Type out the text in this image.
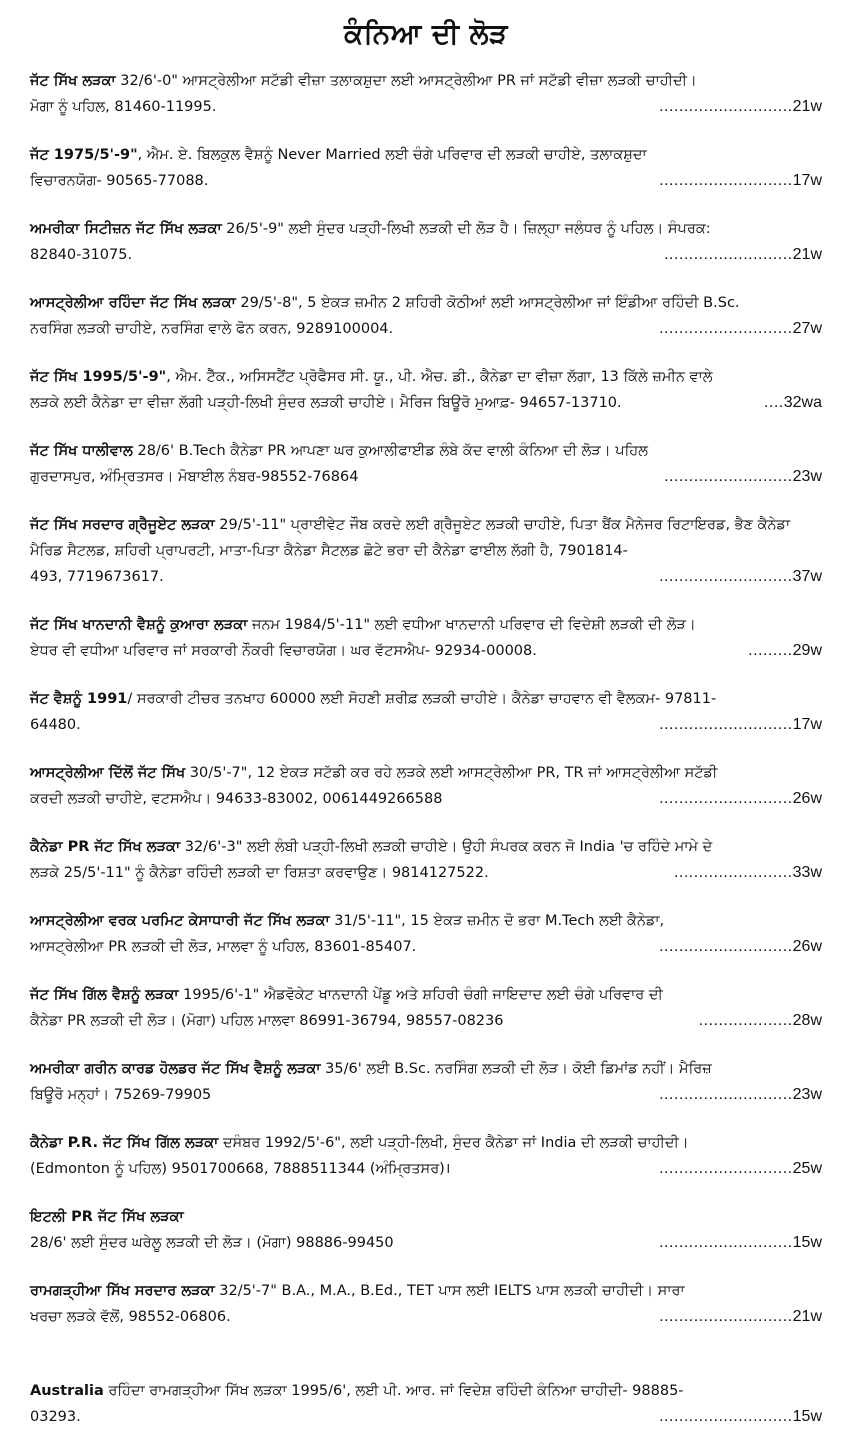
ਕੰਨਿਆ ਦੀ ਲੋੜ
ਜੱਟ ਸਿੱਖ ਲੜਕਾ 32/6'-0" ਆਸਟ੍ਰੇਲੀਆ ਸਟੱਡੀ ਵੀਜ਼ਾ ਤਲਾਕਸ਼ੁਦਾ ਲਈ ਆਸਟ੍ਰੇਲੀਆ PR ਜਾਂ ਸਟੱਡੀ ਵੀਜ਼ਾ ਲੜਕੀ ਚਾਹੀਦੀ।
ਮੋਗਾ ਨੂੰ ਪਹਿਲ, 81460-11995.	...........................21w
ਜੱਟ 1975/5'-9", ਐਮ. ਏ. ਬਿਲਕੁਲ ਵੈਸ਼ਨੂੰ Never Married ਲਈ ਚੰਗੇ ਪਰਿਵਾਰ ਦੀ ਲੜਕੀ ਚਾਹੀਏ, ਤਲਾਕਸ਼ੁਦਾ
ਵਿਚਾਰਨਯੋਗ- 90565-77088.	...........................17w
ਅਮਰੀਕਾ ਸਿਟੀਜ਼ਨ ਜੱਟ ਸਿੱਖ ਲੜਕਾ 26/5'-9" ਲਈ ਸੁੰਦਰ ਪੜ੍ਹੀ-ਲਿਖੀ ਲੜਕੀ ਦੀ ਲੋੜ ਹੈ। ਜ਼ਿਲ੍ਹਾ ਜਲੰਧਰ ਨੂੰ ਪਹਿਲ। ਸੰਪਰਕ:
82840-31075.	..........................21w
ਆਸਟ੍ਰੇਲੀਆ ਰਹਿੰਦਾ ਜੱਟ ਸਿੱਖ ਲੜਕਾ 29/5'-8", 5 ਏਕੜ ਜ਼ਮੀਨ 2 ਸ਼ਹਿਰੀ ਕੋਠੀਆਂ ਲਈ ਆਸਟ੍ਰੇਲੀਆ ਜਾਂ ਇੰਡੀਆ ਰਹਿੰਦੀ B.Sc.
ਨਰਸਿੰਗ ਲੜਕੀ ਚਾਹੀਏ, ਨਰਸਿੰਗ ਵਾਲੇ ਫੋਨ ਕਰਨ, 9289100004.	...........................27w
ਜੱਟ ਸਿੱਖ 1995/5'-9", ਐਮ. ਟੈੱਕ., ਅਸਿਸਟੈਂਟ ਪ੍ਰੋਫੈਸਰ ਸੀ. ਯੂ., ਪੀ. ਐਚ. ਡੀ., ਕੈਨੇਡਾ ਦਾ ਵੀਜ਼ਾ ਲੱਗਾ, 13 ਕਿੱਲੇ ਜ਼ਮੀਨ ਵਾਲੇ
ਲੜਕੇ ਲਈ ਕੈਨੇਡਾ ਦਾ ਵੀਜ਼ਾ ਲੱਗੀ ਪੜ੍ਹੀ-ਲਿਖੀ ਸੁੰਦਰ ਲੜਕੀ ਚਾਹੀਏ। ਮੈਰਿਜ ਬਿਊਰੋ ਮੁਆਫ਼- 94657-13710.	....32wa
ਜੱਟ ਸਿੱਖ ਧਾਲੀਵਾਲ 28/6' B.Tech ਕੈਨੇਡਾ PR ਆਪਣਾ ਘਰ ਕੁਆਲੀਫਾਈਡ ਲੰਬੇ ਕੱਦ ਵਾਲੀ ਕੰਨਿਆ ਦੀ ਲੋੜ। ਪਹਿਲ
ਗੁਰਦਾਸਪੁਰ, ਅੰਮ੍ਰਿਤਸਰ। ਮੋਬਾਈਲ ਨੰਬਰ-98552-76864	..........................23w
ਜੱਟ ਸਿੱਖ ਸਰਦਾਰ ਗ੍ਰੈਜੂਏਟ ਲੜਕਾ 29/5'-11" ਪ੍ਰਾਈਵੇਟ ਜੌਬ ਕਰਦੇ ਲਈ ਗ੍ਰੈਜੂਏਟ ਲੜਕੀ ਚਾਹੀਏ, ਪਿਤਾ ਬੈਂਕ ਮੈਨੇਜਰ ਰਿਟਾਇਰਡ, ਭੈਣ ਕੈਨੇਡਾ ਮੈਰਿਡ ਸੈਟਲਡ, ਸ਼ਹਿਰੀ ਪ੍ਰਾਪਰਟੀ, ਮਾਤਾ-ਪਿਤਾ ਕੈਨੇਡਾ ਸੈਟਲਡ ਛੋਟੇ ਭਰਾ ਦੀ ਕੈਨੇਡਾ ਫਾਈਲ ਲੱਗੀ ਹੈ, 7901814-
493, 7719673617.	...........................37w
ਜੱਟ ਸਿੱਖ ਖਾਨਦਾਨੀ ਵੈਸ਼ਨੂੰ ਕੁਆਰਾ ਲੜਕਾ ਜਨਮ 1984/5'-11" ਲਈ ਵਧੀਆ ਖਾਨਦਾਨੀ ਪਰਿਵਾਰ ਦੀ ਵਿਦੇਸ਼ੀ ਲੜਕੀ ਦੀ ਲੋੜ।
ਏਧਰ ਵੀ ਵਧੀਆ ਪਰਿਵਾਰ ਜਾਂ ਸਰਕਾਰੀ ਨੌਕਰੀ ਵਿਚਾਰਯੋਗ। ਘਰ ਵੱਟਸਐਪ- 92934-00008.	.........29w
ਜੱਟ ਵੈਸ਼ਨੂੰ 1991/ ਸਰਕਾਰੀ ਟੀਚਰ ਤਨਖਾਹ 60000 ਲਈ ਸੋਹਣੀ ਸ਼ਰੀਫ਼ ਲੜਕੀ ਚਾਹੀਏ। ਕੈਨੇਡਾ ਚਾਹਵਾਨ ਵੀ ਵੈਲਕਮ- 97811-
64480.	...........................17w
ਆਸਟ੍ਰੇਲੀਆ ਦਿੱਲੋਂ ਜੱਟ ਸਿੱਖ 30/5'-7", 12 ਏਕੜ ਸਟੱਡੀ ਕਰ ਰਹੇ ਲੜਕੇ ਲਈ ਆਸਟ੍ਰੇਲੀਆ PR, TR ਜਾਂ ਆਸਟ੍ਰੇਲੀਆ ਸਟੱਡੀ
ਕਰਦੀ ਲੜਕੀ ਚਾਹੀਏ, ਵਟਸਐਪ। 94633-83002, 0061449266588	...........................26w
ਕੈਨੇਡਾ PR ਜੱਟ ਸਿੱਖ ਲੜਕਾ 32/6'-3" ਲਈ ਲੰਬੀ ਪੜ੍ਹੀ-ਲਿਖੀ ਲੜਕੀ ਚਾਹੀਏ। ਉਹੀ ਸੰਪਰਕ ਕਰਨ ਜੋ India 'ਚ ਰਹਿੰਦੇ ਮਾਮੇ ਦੇ
ਲੜਕੇ 25/5'-11" ਨੂੰ ਕੈਨੇਡਾ ਰਹਿੰਦੀ ਲੜਕੀ ਦਾ ਰਿਸ਼ਤਾ ਕਰਵਾਉਣ। 9814127522.	........................33w
ਆਸਟ੍ਰੇਲੀਆ ਵਰਕ ਪਰਮਿਟ ਕੇਸਾਧਾਰੀ ਜੱਟ ਸਿੱਖ ਲੜਕਾ 31/5'-11", 15 ਏਕੜ ਜ਼ਮੀਨ ਦੋ ਭਰਾ M.Tech ਲਈ ਕੈਨੇਡਾ,
ਆਸਟ੍ਰੇਲੀਆ PR ਲੜਕੀ ਦੀ ਲੋੜ, ਮਾਲਵਾ ਨੂੰ ਪਹਿਲ, 83601-85407.	...........................26w
ਜੱਟ ਸਿੱਖ ਗਿੱਲ ਵੈਸ਼ਨੂੰ ਲੜਕਾ 1995/6'-1" ਐਡਵੋਕੇਟ ਖਾਨਦਾਨੀ ਪੇਂਡੂ ਅਤੇ ਸ਼ਹਿਰੀ ਚੰਗੀ ਜਾਇਦਾਦ ਲਈ ਚੰਗੇ ਪਰਿਵਾਰ ਦੀ
ਕੈਨੇਡਾ PR ਲੜਕੀ ਦੀ ਲੋੜ। (ਮੋਗਾ) ਪਹਿਲ ਮਾਲਵਾ 86991-36794, 98557-08236	...................28w
ਅਮਰੀਕਾ ਗਰੀਨ ਕਾਰਡ ਹੋਲਡਰ ਜੱਟ ਸਿੱਖ ਵੈਸ਼ਨੂੰ ਲੜਕਾ 35/6' ਲਈ B.Sc. ਨਰਸਿੰਗ ਲੜਕੀ ਦੀ ਲੋੜ। ਕੋਈ ਡਿਮਾਂਡ ਨਹੀਂ। ਮੈਰਿਜ਼
ਬਿਊਰੋ ਮਨ੍ਹਾਂ। 75269-79905	...........................23w
ਕੈਨੇਡਾ P.R. ਜੱਟ ਸਿੱਖ ਗਿੱਲ ਲੜਕਾ ਦਸੰਬਰ 1992/5'-6", ਲਈ ਪੜ੍ਹੀ-ਲਿਖੀ, ਸੁੰਦਰ ਕੈਨੇਡਾ ਜਾਂ India ਦੀ ਲੜਕੀ ਚਾਹੀਦੀ।
(Edmonton ਨੂੰ ਪਹਿਲ) 9501700668, 7888511344 (ਅੰਮ੍ਰਿਤਸਰ)।	...........................25w
ਇਟਲੀ PR ਜੱਟ ਸਿੱਖ ਲੜਕਾ
28/6' ਲਈ ਸੁੰਦਰ ਘਰੇਲੂ ਲੜਕੀ ਦੀ ਲੋੜ। (ਮੋਗਾ) 98886-99450	...........................15w
ਰਾਮਗੜ੍ਹੀਆ ਸਿੱਖ ਸਰਦਾਰ ਲੜਕਾ 32/5'-7" B.A., M.A., B.Ed., TET ਪਾਸ ਲਈ IELTS ਪਾਸ ਲੜਕੀ ਚਾਹੀਦੀ। ਸਾਰਾ
ਖਰਚਾ ਲੜਕੇ ਵੱਲੋਂ, 98552-06806.	...........................21w
Australia ਰਹਿੰਦਾ ਰਾਮਗੜ੍ਹੀਆ ਸਿੱਖ ਲੜਕਾ 1995/6', ਲਈ ਪੀ. ਆਰ. ਜਾਂ ਵਿਦੇਸ਼ ਰਹਿੰਦੀ ਕੰਨਿਆ ਚਾਹੀਦੀ- 98885-
03293.	...........................15w
